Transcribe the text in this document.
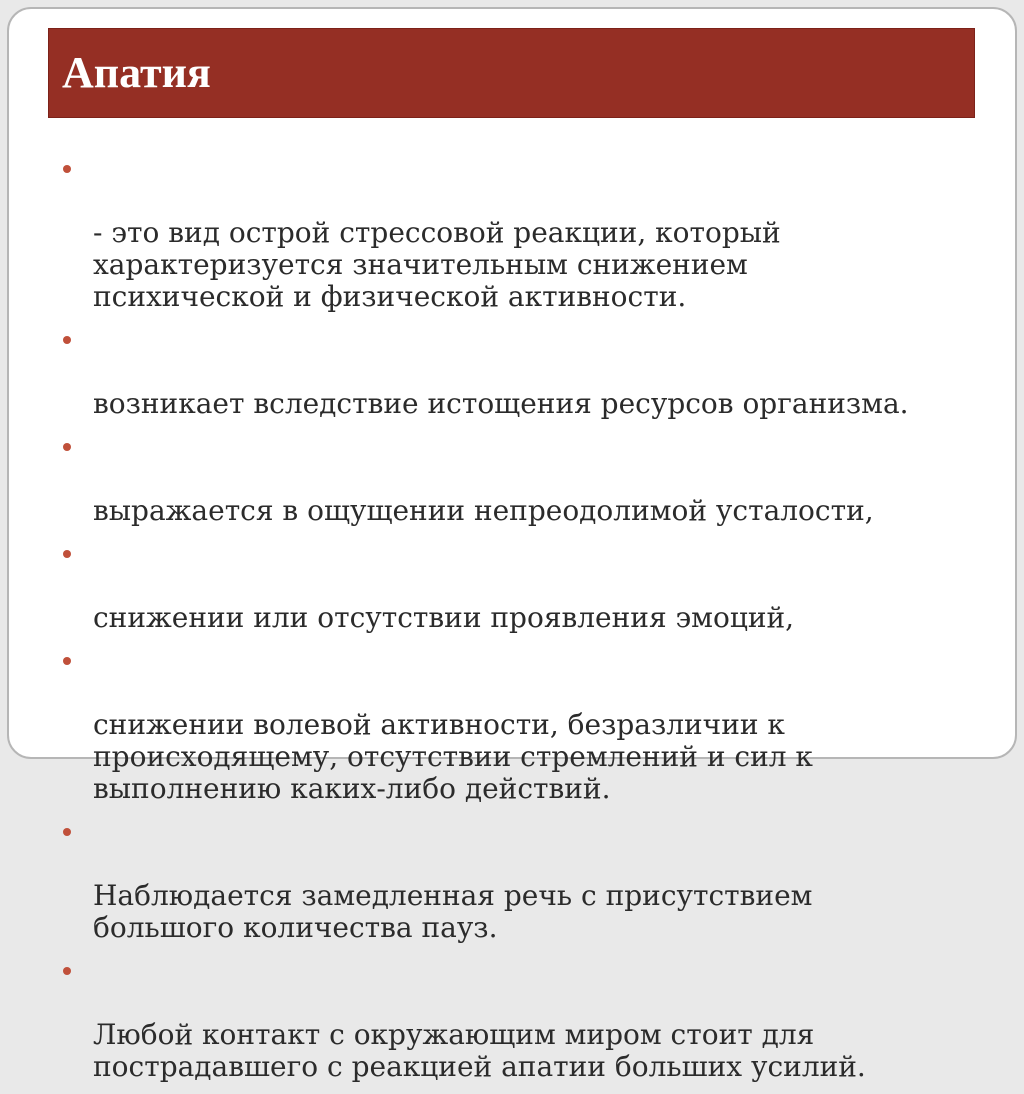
Апатия

- это вид острой стрессовой реакции, который
характеризуется значительным снижением
психической и физической активности.

возникает вследствие истощения ресурсов организма.

выражается в ощущении непреодолимой усталости,

снижении или отсутствии проявления эмоций,

снижении волевой активности, безразличии к
происходящему, отсутствии стремлений и сил к
выполнению каких-либо действий.

Наблюдается замедленная речь с присутствием
большого количества пауз.

Любой контакт с окружающим миром стоит для
пострадавшего с реакцией апатии больших усилий.
